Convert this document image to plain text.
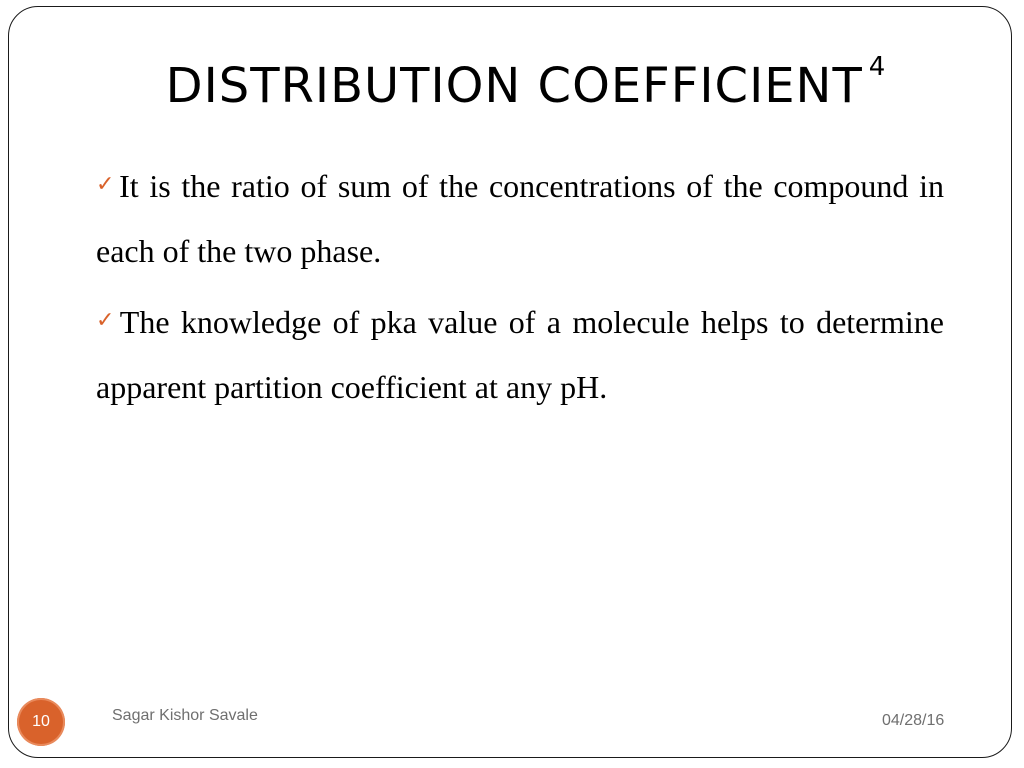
DISTRIBUTION COEFFICIENT $^4$

✓It is the ratio of sum of the concentrations of the compound in each of the two phase.

✓The knowledge of pka value of a molecule helps to determine apparent partition coefficient at any pH.

10	Sagar Kishor Savale	04/28/16
